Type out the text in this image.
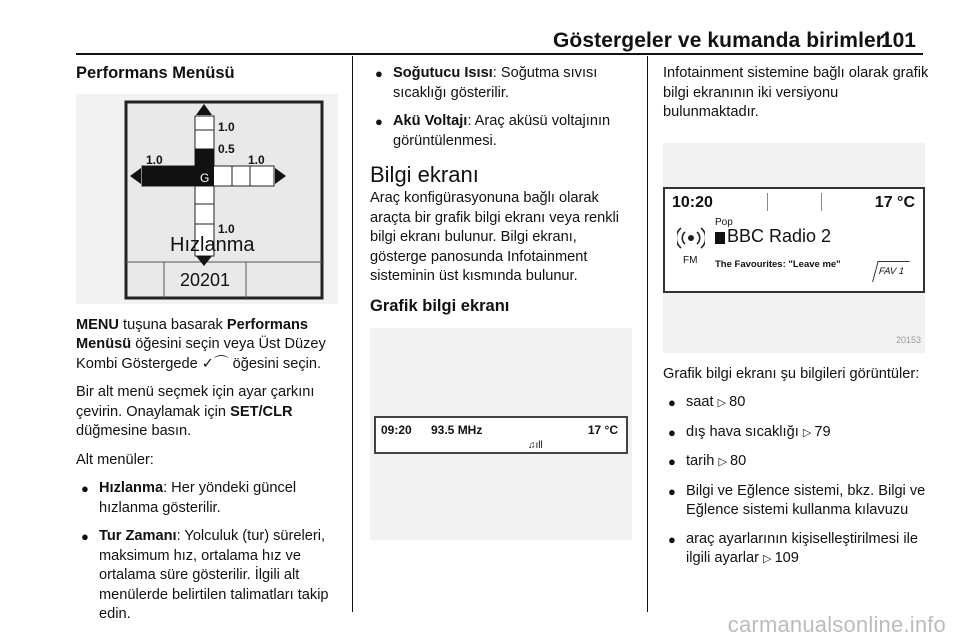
Göstergeler ve kumanda birimleri
101
Performans Menüsü
1.0
0.5
1.0	1.0
1.0
G
Hızlanma
20201

MENU tuşuna basarak Performans Menüsü öğesini seçin veya Üst Düzey Kombi Göstergede ✓⌒ öğesini seçin.

Bir alt menü seçmek için ayar çarkını çevirin. Onaylamak için SET/CLR düğmesine basın.

Alt menüler:

● Hızlanma: Her yöndeki güncel hızlanma gösterilir.
● Tur Zamanı: Yolculuk (tur) süreleri, maksimum hız, ortalama hız ve ortalama süre gösterilir. İlgili alt menülerde belirtilen talimatları takip edin.
● Soğutucu Isısı: Soğutma sıvısı sıcaklığı gösterilir.
● Akü Voltajı: Araç aküsü voltajının görüntülenmesi.
Bilgi ekranı

Araç konfigürasyonuna bağlı olarak araçta bir grafik bilgi ekranı veya renkli bilgi ekranı bulunur. Bilgi ekranı, gösterge panosunda Infotainment sisteminin üst kısmında bulunur.

Grafik bilgi ekranı
09:20 93.5 MHz	17 °C
♫ıll

Infotainment sistemine bağlı olarak grafik bilgi ekranının iki versiyonu bulunmaktadır.

10:20	17 °C
FM
Pop
BBC Radio 2
The Favourites: "Leave me"
FAV 1
20153

Grafik bilgi ekranı şu bilgileri görüntüler:

● saat ▷ 80
● dış hava sıcaklığı ▷ 79
● tarih ▷ 80
● Bilgi ve Eğlence sistemi, bkz. Bilgi ve Eğlence sistemi kullanma kılavuzu
● araç ayarlarının kişiselleştirilmesi ile ilgili ayarlar ▷ 109
carmanualsonline.info
